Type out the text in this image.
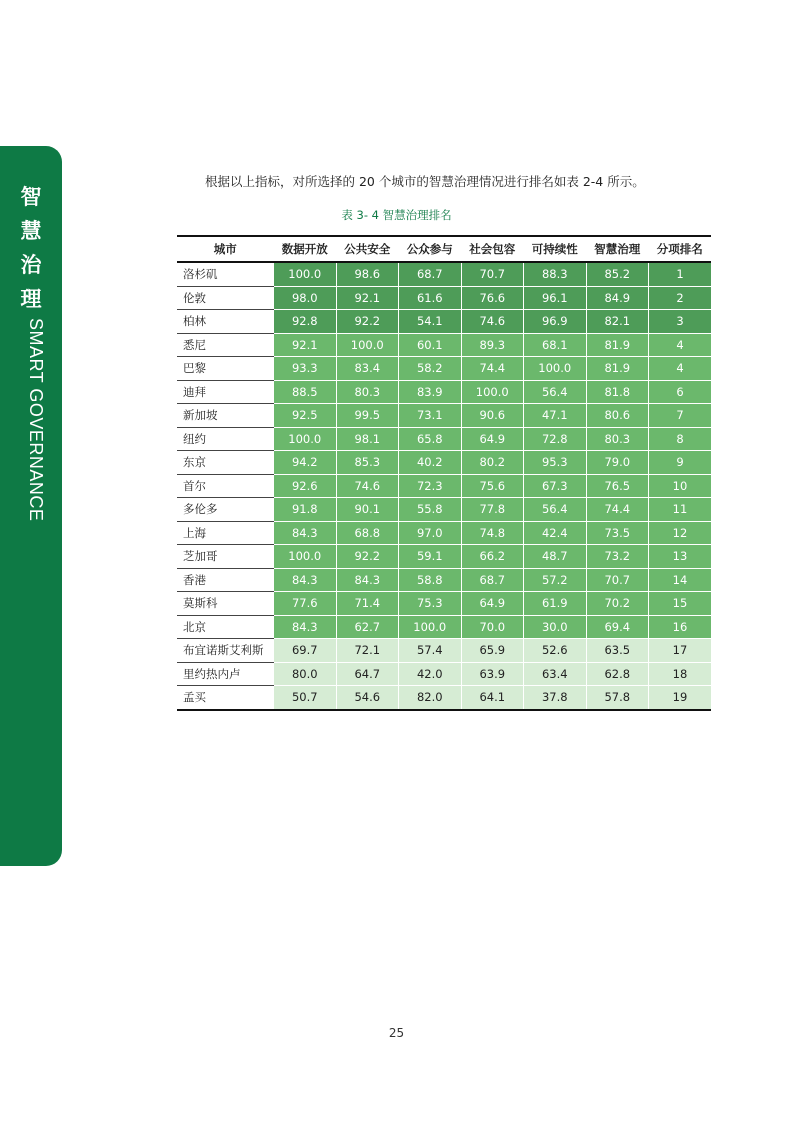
智
慧
治
理
SMART GOVERNANCE
根据以上指标，对所选择的 20 个城市的智慧治理情况进行排名如表 2-4 所示。
表 3- 4 智慧治理排名
城市	数据开放	公共安全	公众参与	社会包容	可持续性	智慧治理	分项排名
洛杉矶	100.0	98.6	68.7	70.7	88.3	85.2	1
伦敦	98.0	92.1	61.6	76.6	96.1	84.9	2
柏林	92.8	92.2	54.1	74.6	96.9	82.1	3
悉尼	92.1	100.0	60.1	89.3	68.1	81.9	4
巴黎	93.3	83.4	58.2	74.4	100.0	81.9	4
迪拜	88.5	80.3	83.9	100.0	56.4	81.8	6
新加坡	92.5	99.5	73.1	90.6	47.1	80.6	7
纽约	100.0	98.1	65.8	64.9	72.8	80.3	8
东京	94.2	85.3	40.2	80.2	95.3	79.0	9
首尔	92.6	74.6	72.3	75.6	67.3	76.5	10
多伦多	91.8	90.1	55.8	77.8	56.4	74.4	11
上海	84.3	68.8	97.0	74.8	42.4	73.5	12
芝加哥	100.0	92.2	59.1	66.2	48.7	73.2	13
香港	84.3	84.3	58.8	68.7	57.2	70.7	14
莫斯科	77.6	71.4	75.3	64.9	61.9	70.2	15
北京	84.3	62.7	100.0	70.0	30.0	69.4	16
布宜诺斯艾利斯	69.7	72.1	57.4	65.9	52.6	63.5	17
里约热内卢	80.0	64.7	42.0	63.9	63.4	62.8	18
孟买	50.7	54.6	82.0	64.1	37.8	57.8	19
25
